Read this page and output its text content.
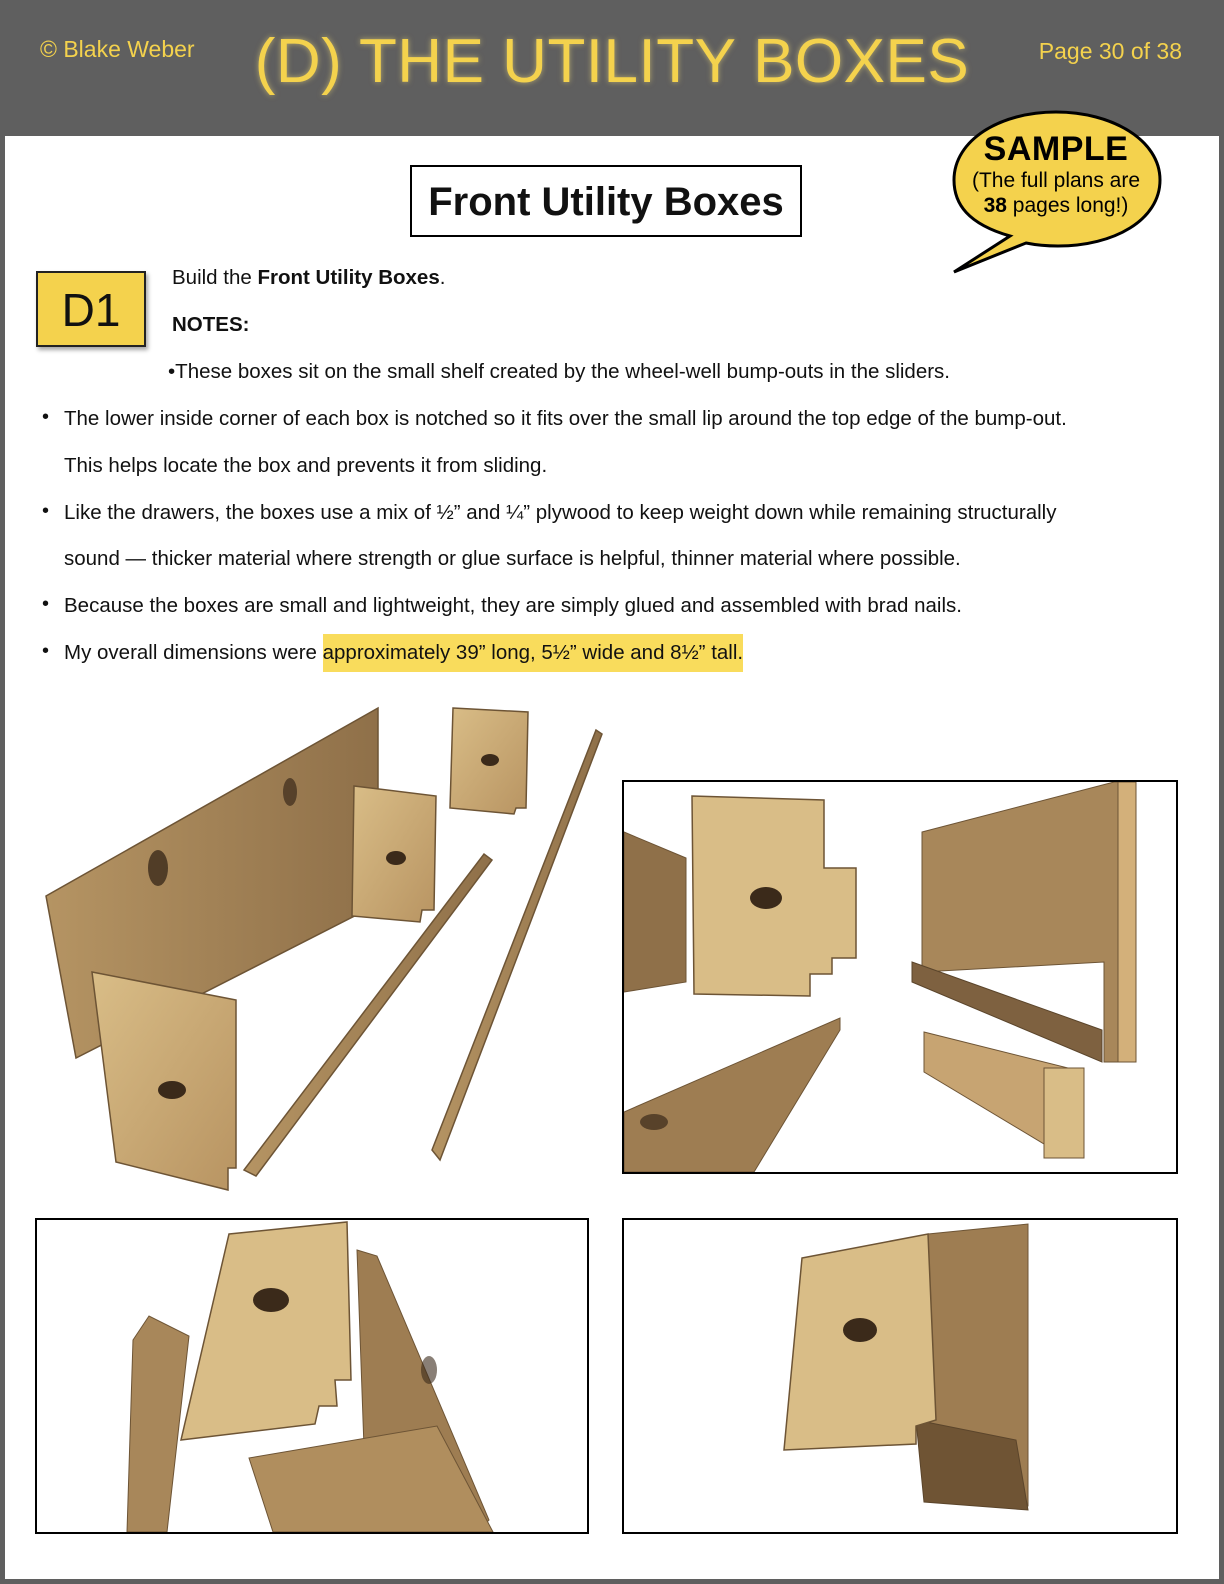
© Blake Weber (D) THE UTILITY BOXES	Page 30 of 38
SAMPLE
(The full plans are
38 pages long!)
Front Utility Boxes
D1
Build the Front Utility Boxes.
NOTES:
•These boxes sit on the small shelf created by the wheel-well bump-outs in the sliders.
• The lower inside corner of each box is notched so it fits over the small lip around the top edge of the bump-out.
This helps locate the box and prevents it from sliding.
• Like the drawers, the boxes use a mix of ½” and ¼” plywood to keep weight down while remaining structurally
sound — thicker material where strength or glue surface is helpful, thinner material where possible.
• Because the boxes are small and lightweight, they are simply glued and assembled with brad nails.
• My overall dimensions were approximately 39” long, 5½” wide and 8½” tall.
